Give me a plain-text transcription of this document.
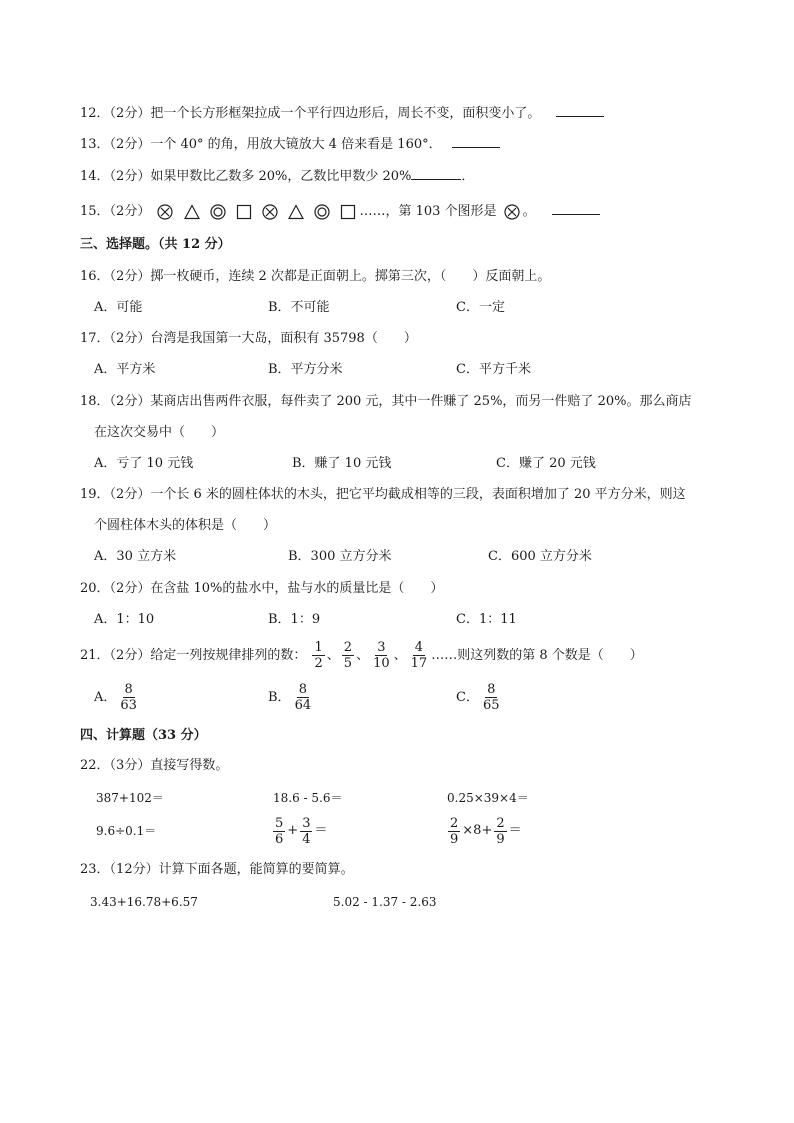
12．（2分）把一个长方形框架拉成一个平行四边形后，周长不变，面积变小了。
13．（2分）一个 40° 的角，用放大镜放大 4 倍来看是 160°．
14．（2分）如果甲数比乙数多 20%，乙数比甲数少 20%	．
15．（2分）

	……，第 103 个图形是 。
三、选择题。（共 12 分）
16．（2分）掷一枚硬币，连续 2 次都是正面朝上。掷第三次，（　　）反面朝上。
A．可能	B．不可能	C．一定
17．（2分）台湾是我国第一大岛，面积有 35798（　　）
A．平方米	B．平方分米	C．平方千米
18．（2分）某商店出售两件衣服，每件卖了 200 元，其中一件赚了 25%，而另一件赔了 20%。那么商店
在这次交易中（　　）
A．亏了 10 元钱	B．赚了 10 元钱	C．赚了 20 元钱
19．（2分）一个长 6 米的圆柱体状的木头，把它平均截成相等的三段，表面积增加了 20 平方分米，则这
个圆柱体木头的体积是（　　）
A．30 立方米	B．300 立方分米	C．600 立方分米
20．（2分）在含盐 10%的盐水中，盐与水的质量比是（　　）
A．1：10	B．1：9	C．1：11
21．（2分）给定一列按规律排列的数： $\frac{1}{2}$ 、 $\frac{2}{5}$ 、 $\frac{3}{10}$ 、 $\frac{4}{17}$ ……则这列数的第 8 个数是（　　）
A． $\frac{8}{63}$	B． $\frac{8}{64}$	C． $\frac{8}{65}$
四、计算题（33 分）
22．（3分）直接写得数。
387+102＝	18.6 - 5.6＝	0.25×39×4＝
9.6÷0.1＝	$\frac{5}{6} + \frac{3}{4}$ ＝	$\frac{2}{9} \times 8+ \frac{2}{9}$ ＝
23．（12分）计算下面各题，能简算的要简算。
3.43+16.78+6.57	5.02 - 1.37 - 2.63
